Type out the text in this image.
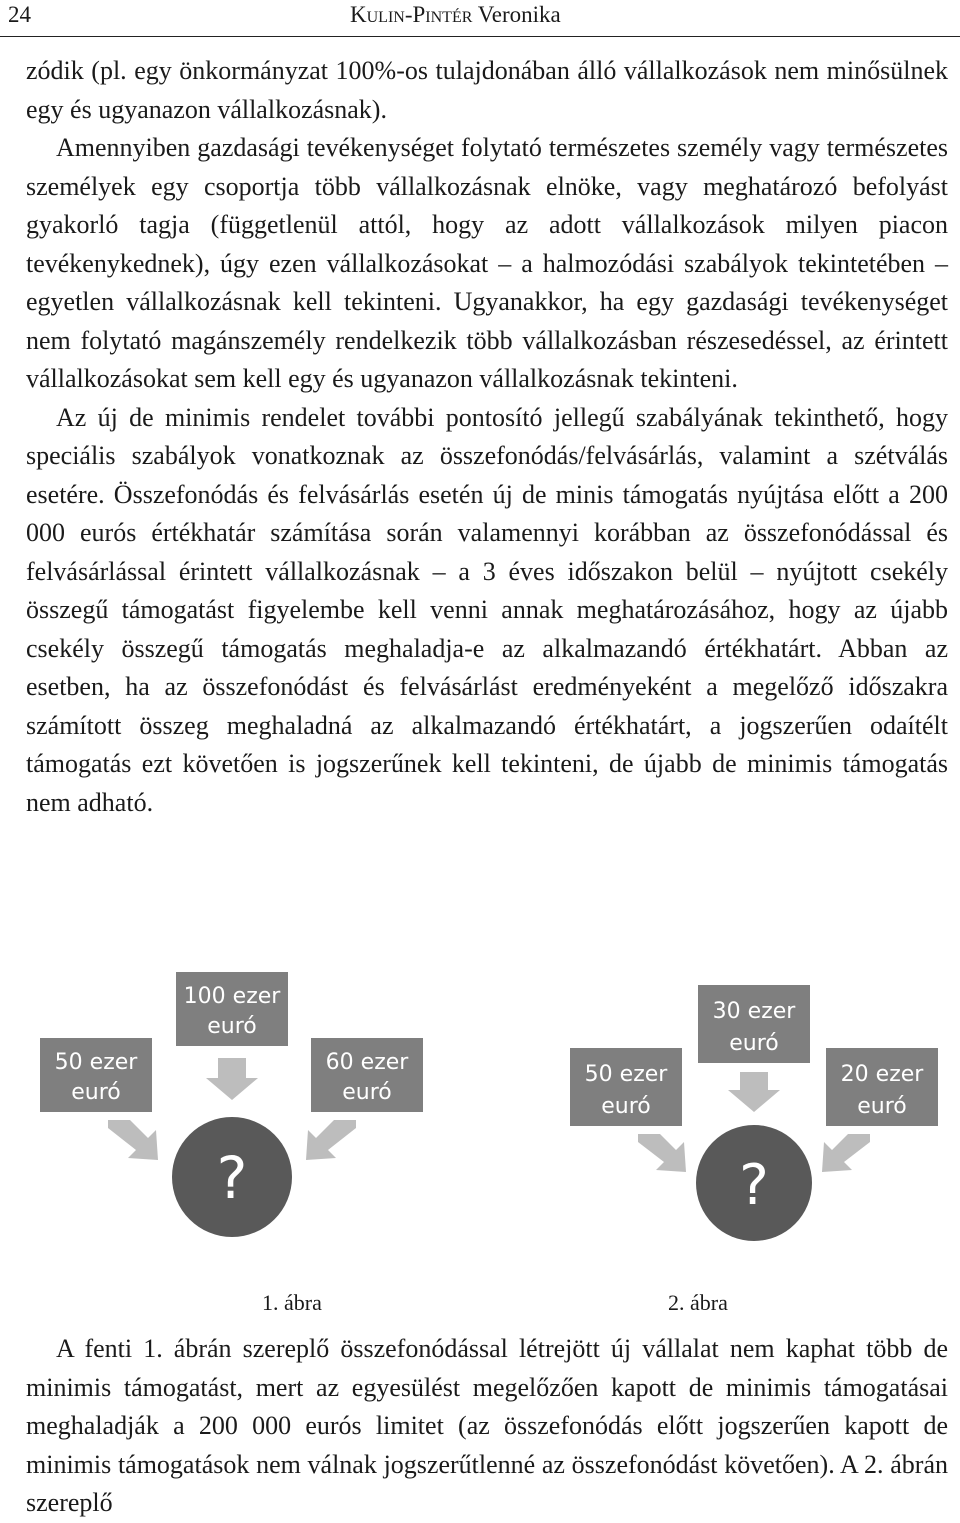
24	Kulin-Pintér Veronika

zódik (pl. egy önkormányzat 100%-os tulajdonában álló vállalkozások nem minősülnek egy és ugyanazon vállalkozásnak).

Amennyiben gazdasági tevékenységet folytató természetes személy vagy természetes személyek egy csoportja több vállalkozásnak elnöke, vagy meghatározó befolyást gyakorló tagja (függetlenül attól, hogy az adott vállalkozások milyen piacon tevékenykednek), úgy ezen vállalkozásokat – a halmozódási szabályok tekintetében – egyetlen vállalkozásnak kell tekinteni. Ugyanakkor, ha egy gazdasági tevékenységet nem folytató magánszemély rendelkezik több vállalkozásban részesedéssel, az érintett vállalkozásokat sem kell egy és ugyanazon vállalkozásnak tekinteni.

Az új de minimis rendelet további pontosító jellegű szabályának tekinthető, hogy speciális szabályok vonatkoznak az összefonódás/felvásárlás, valamint a szétválás esetére. Összefonódás és felvásárlás esetén új de minis támogatás nyújtása előtt a 200 000 eurós értékhatár számítása során valamennyi korábban az összefonódással és felvásárlással érintett vállalkozásnak – a 3 éves időszakon belül – nyújtott csekély összegű támogatást figyelembe kell venni annak meghatározásához, hogy az újabb csekély összegű támogatás meghaladja-e az alkalmazandó értékhatárt. Abban az esetben, ha az összefonódást és felvásárlást eredményeként a megelőző időszakra számított összeg meghaladná az alkalmazandó értékhatárt, a jogszerűen odaítélt támogatás ezt követően is jogszerűnek kell tekinteni, de újabb de minimis támogatás nem adható.

50 ezer
euró
100 ezer
euró
60 ezer
euró
?
50 ezer
euró
30 ezer
euró
20 ezer
euró
?
1. ábra	2. ábra

A fenti 1. ábrán szereplő összefonódással létrejött új vállalat nem kaphat több de minimis támogatást, mert az egyesülést megelőzően kapott de minimis támogatásai meghaladják a 200 000 eurós limitet (az összefonódás előtt jogszerűen kapott de minimis támogatások nem válnak jogszerűtlenné az összefonódást követően). A 2. ábrán szereplő
